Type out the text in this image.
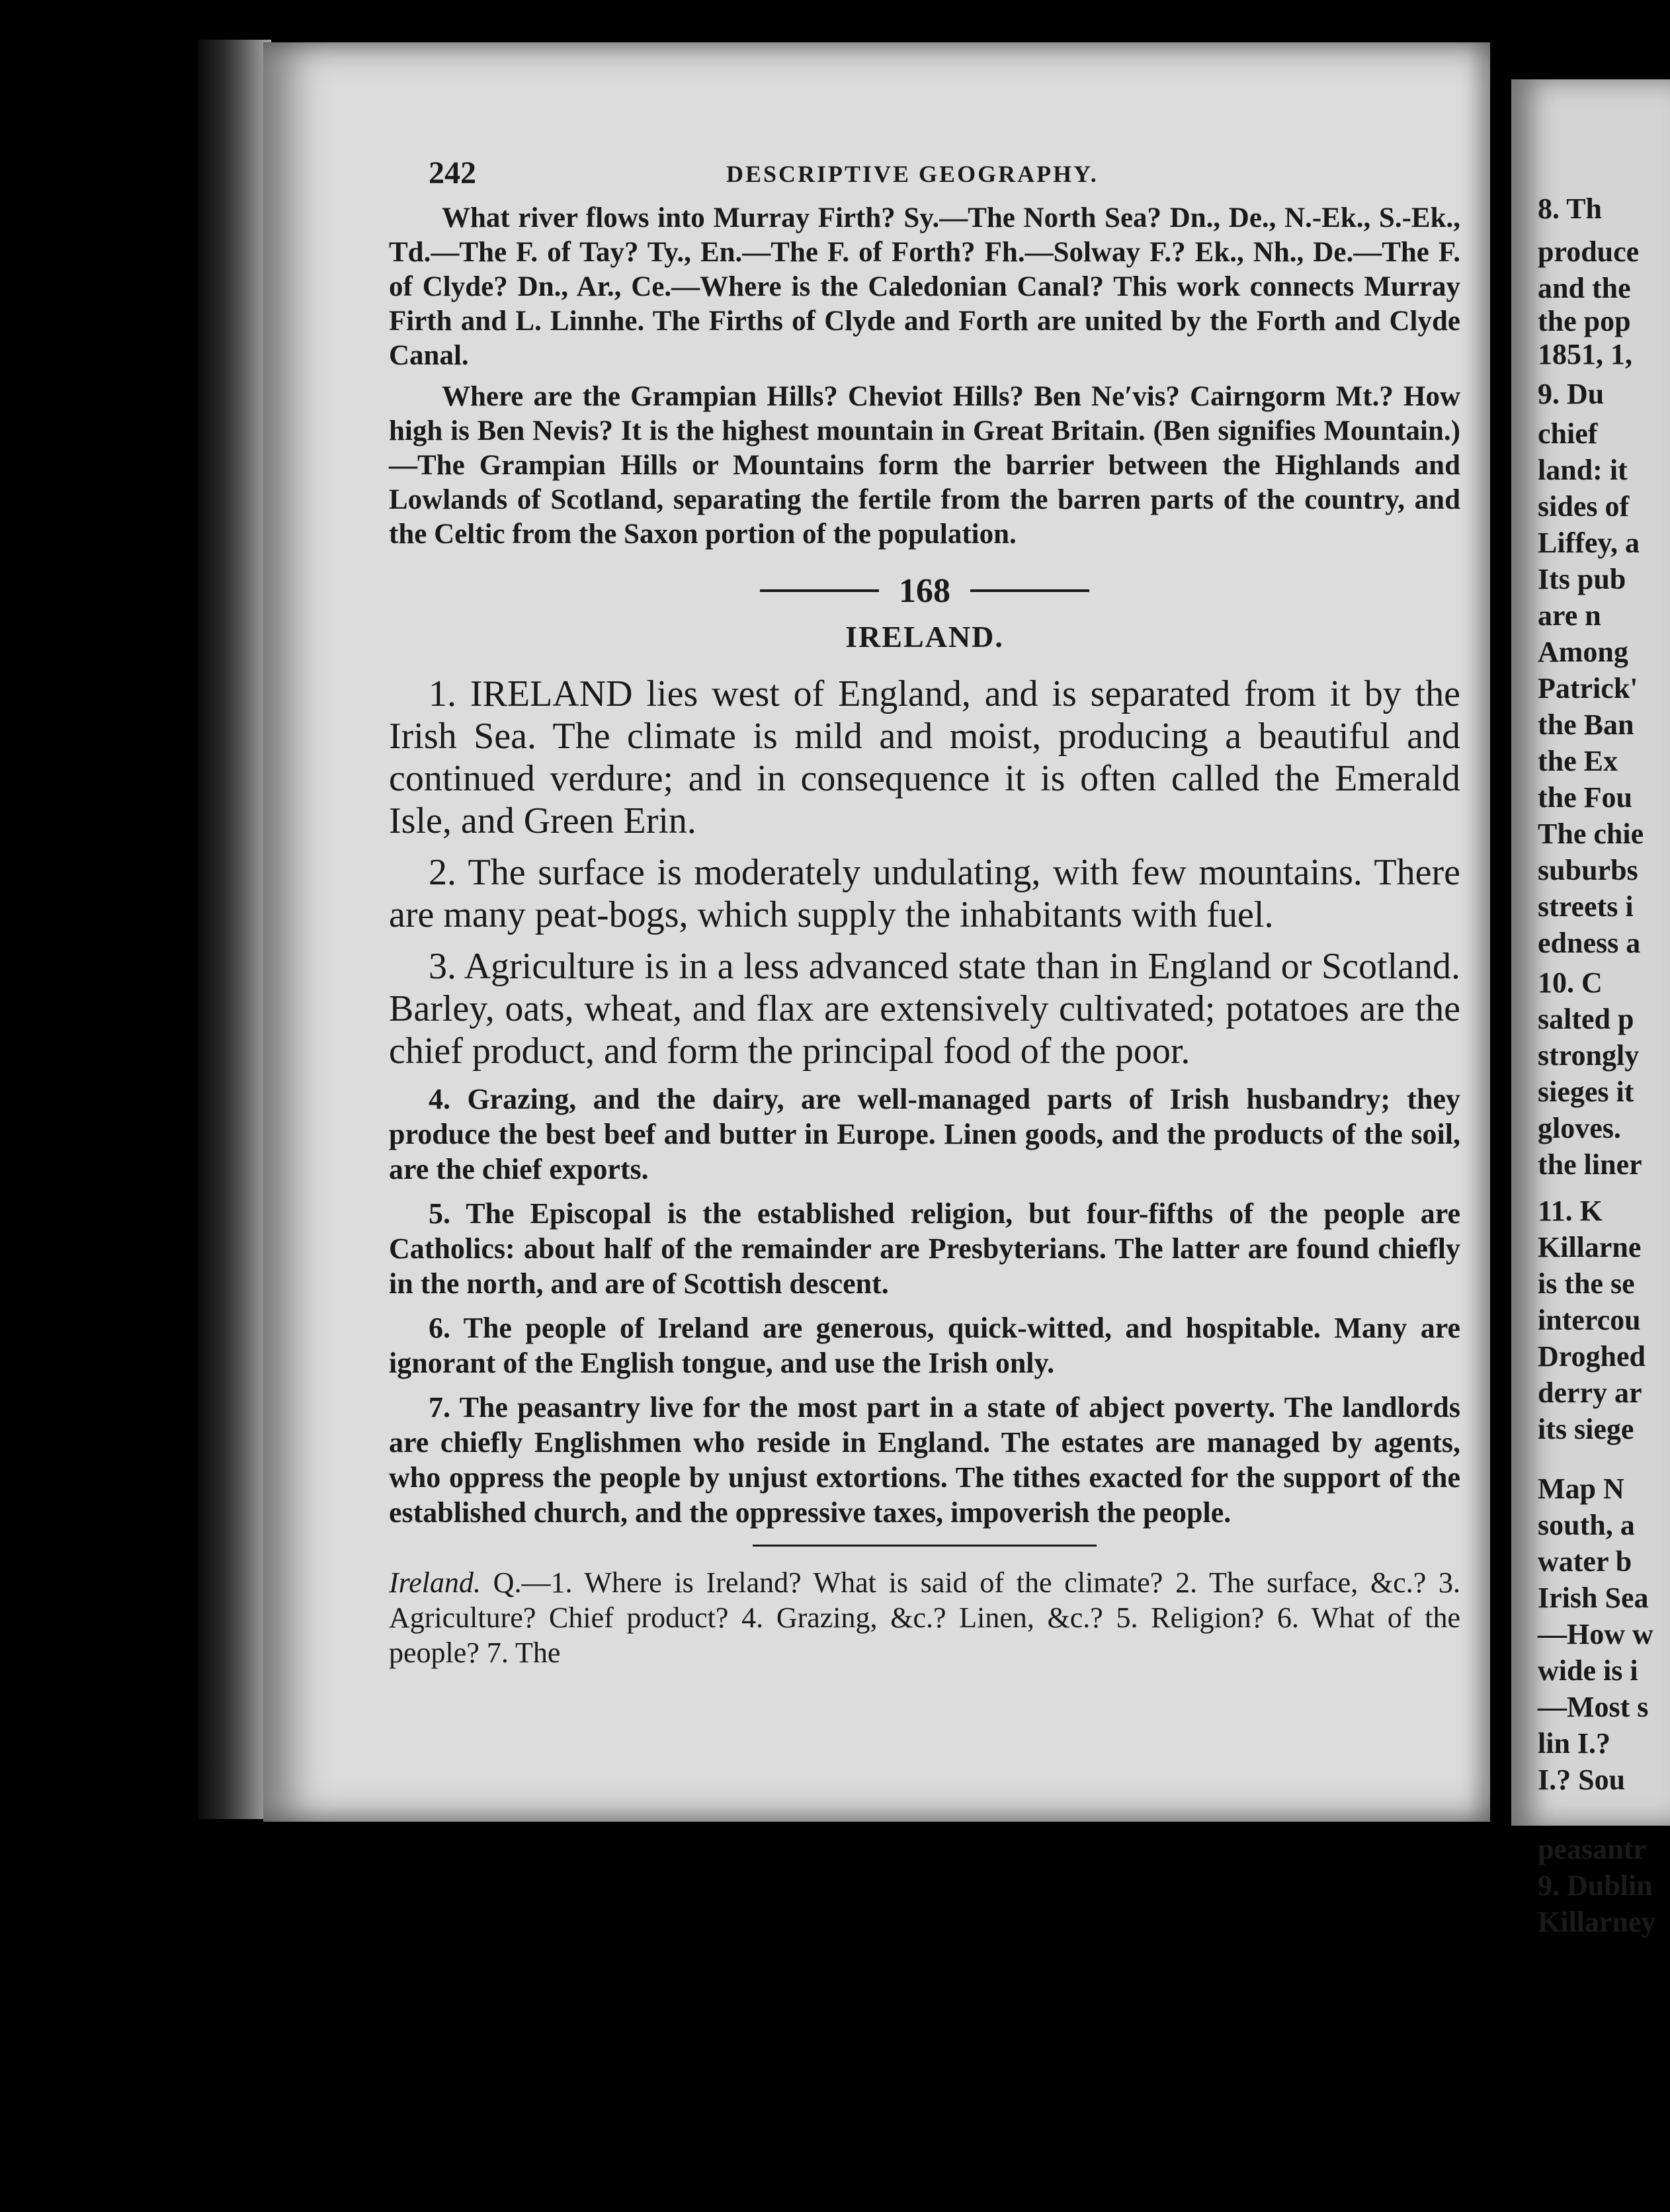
242	DESCRIPTIVE GEOGRAPHY.
What river flows into Murray Firth? Sy.—The North Sea? Dn., De., N.-Ek., S.-Ek., Td.—The F. of Tay? Ty., En.—The F. of Forth? Fh.—Solway F.? Ek., Nh., De.—The F. of Clyde? Dn., Ar., Ce.—Where is the Caledonian Canal? This work connects Murray Firth and L. Linnhe. The Firths of Clyde and Forth are united by the Forth and Clyde Canal.
Where are the Grampian Hills? Cheviot Hills? Ben Ne′vis? Cairngorm Mt.? How high is Ben Nevis? It is the highest mountain in Great Britain. (Ben signifies Mountain.)—The Grampian Hills or Mountains form the barrier between the Highlands and Lowlands of Scotland, separating the fertile from the barren parts of the country, and the Celtic from the Saxon portion of the population.
168
IRELAND.
1. IRELAND lies west of England, and is separated from it by the Irish Sea. The climate is mild and moist, producing a beautiful and continued verdure; and in consequence it is often called the Emerald Isle, and Green Erin.
2. The surface is moderately undulating, with few mountains. There are many peat-bogs, which supply the inhabitants with fuel.
3. Agriculture is in a less advanced state than in England or Scotland. Barley, oats, wheat, and flax are extensively cultivated; potatoes are the chief product, and form the principal food of the poor.
4. Grazing, and the dairy, are well-managed parts of Irish husbandry; they produce the best beef and butter in Europe. Linen goods, and the products of the soil, are the chief exports.
5. The Episcopal is the established religion, but four-fifths of the people are Catholics: about half of the remainder are Presbyterians. The latter are found chiefly in the north, and are of Scottish descent.
6. The people of Ireland are generous, quick-witted, and hospitable. Many are ignorant of the English tongue, and use the Irish only.
7. The peasantry live for the most part in a state of abject poverty. The landlords are chiefly Englishmen who reside in England. The estates are managed by agents, who oppress the people by unjust extortions. The tithes exacted for the support of the established church, and the oppressive taxes, impoverish the people.

Ireland. Q.—1. Where is Ireland? What is said of the climate? 2. The surface, &c.? 3. Agriculture? Chief product? 4. Grazing, &c.? Linen, &c.? 5. Religion? 6. What of the people? 7. The

8. Th
produce
and the
the pop
1851, 1,
9. Du
chief
land: it
sides of
Liffey, a
Its pub
are n
Among
Patrick'
the Ban
the Ex
the Fou
The chie
suburbs
streets i
edness a
10. C
salted p
strongly
sieges it
gloves.
the liner
11. K
Killarne
is the se
intercou
Droghed
derry ar
its siege
Map N
south, a
water b
Irish Sea
—How w
wide is i
—Most s
lin I.?
I.? Sou
peasantr
9. Dublin
Killarney
